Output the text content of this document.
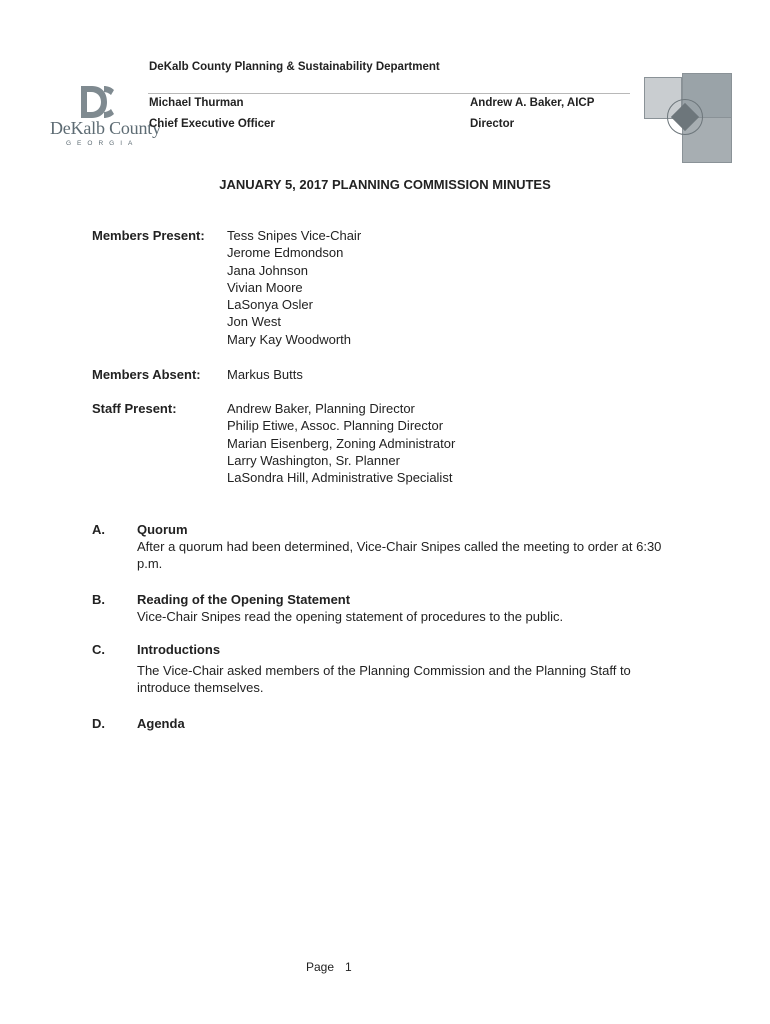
DeKalb County Planning & Sustainability Department
DeKalb County
GEORGIA
Michael Thurman
Chief Executive Officer
Andrew A. Baker, AICP
Director
JANUARY 5, 2017 PLANNING COMMISSION MINUTES
Members Present: Tess Snipes Vice-Chair
Jerome Edmondson
Jana Johnson
Vivian Moore
LaSonya Osler
Jon West
Mary Kay Woodworth
Members Absent: Markus Butts
Staff Present:	Andrew Baker, Planning Director
Philip Etiwe, Assoc. Planning Director
Marian Eisenberg, Zoning Administrator
Larry Washington, Sr. Planner
LaSondra Hill, Administrative Specialist
A. Quorum
After a quorum had been determined, Vice-Chair Snipes called the meeting to order at 6:30 p.m.
B. Reading of the Opening Statement
Vice-Chair Snipes read the opening statement of procedures to the public.
C. Introductions
The Vice-Chair asked members of the Planning Commission and the Planning Staff to introduce themselves.
D. Agenda
Page 1
